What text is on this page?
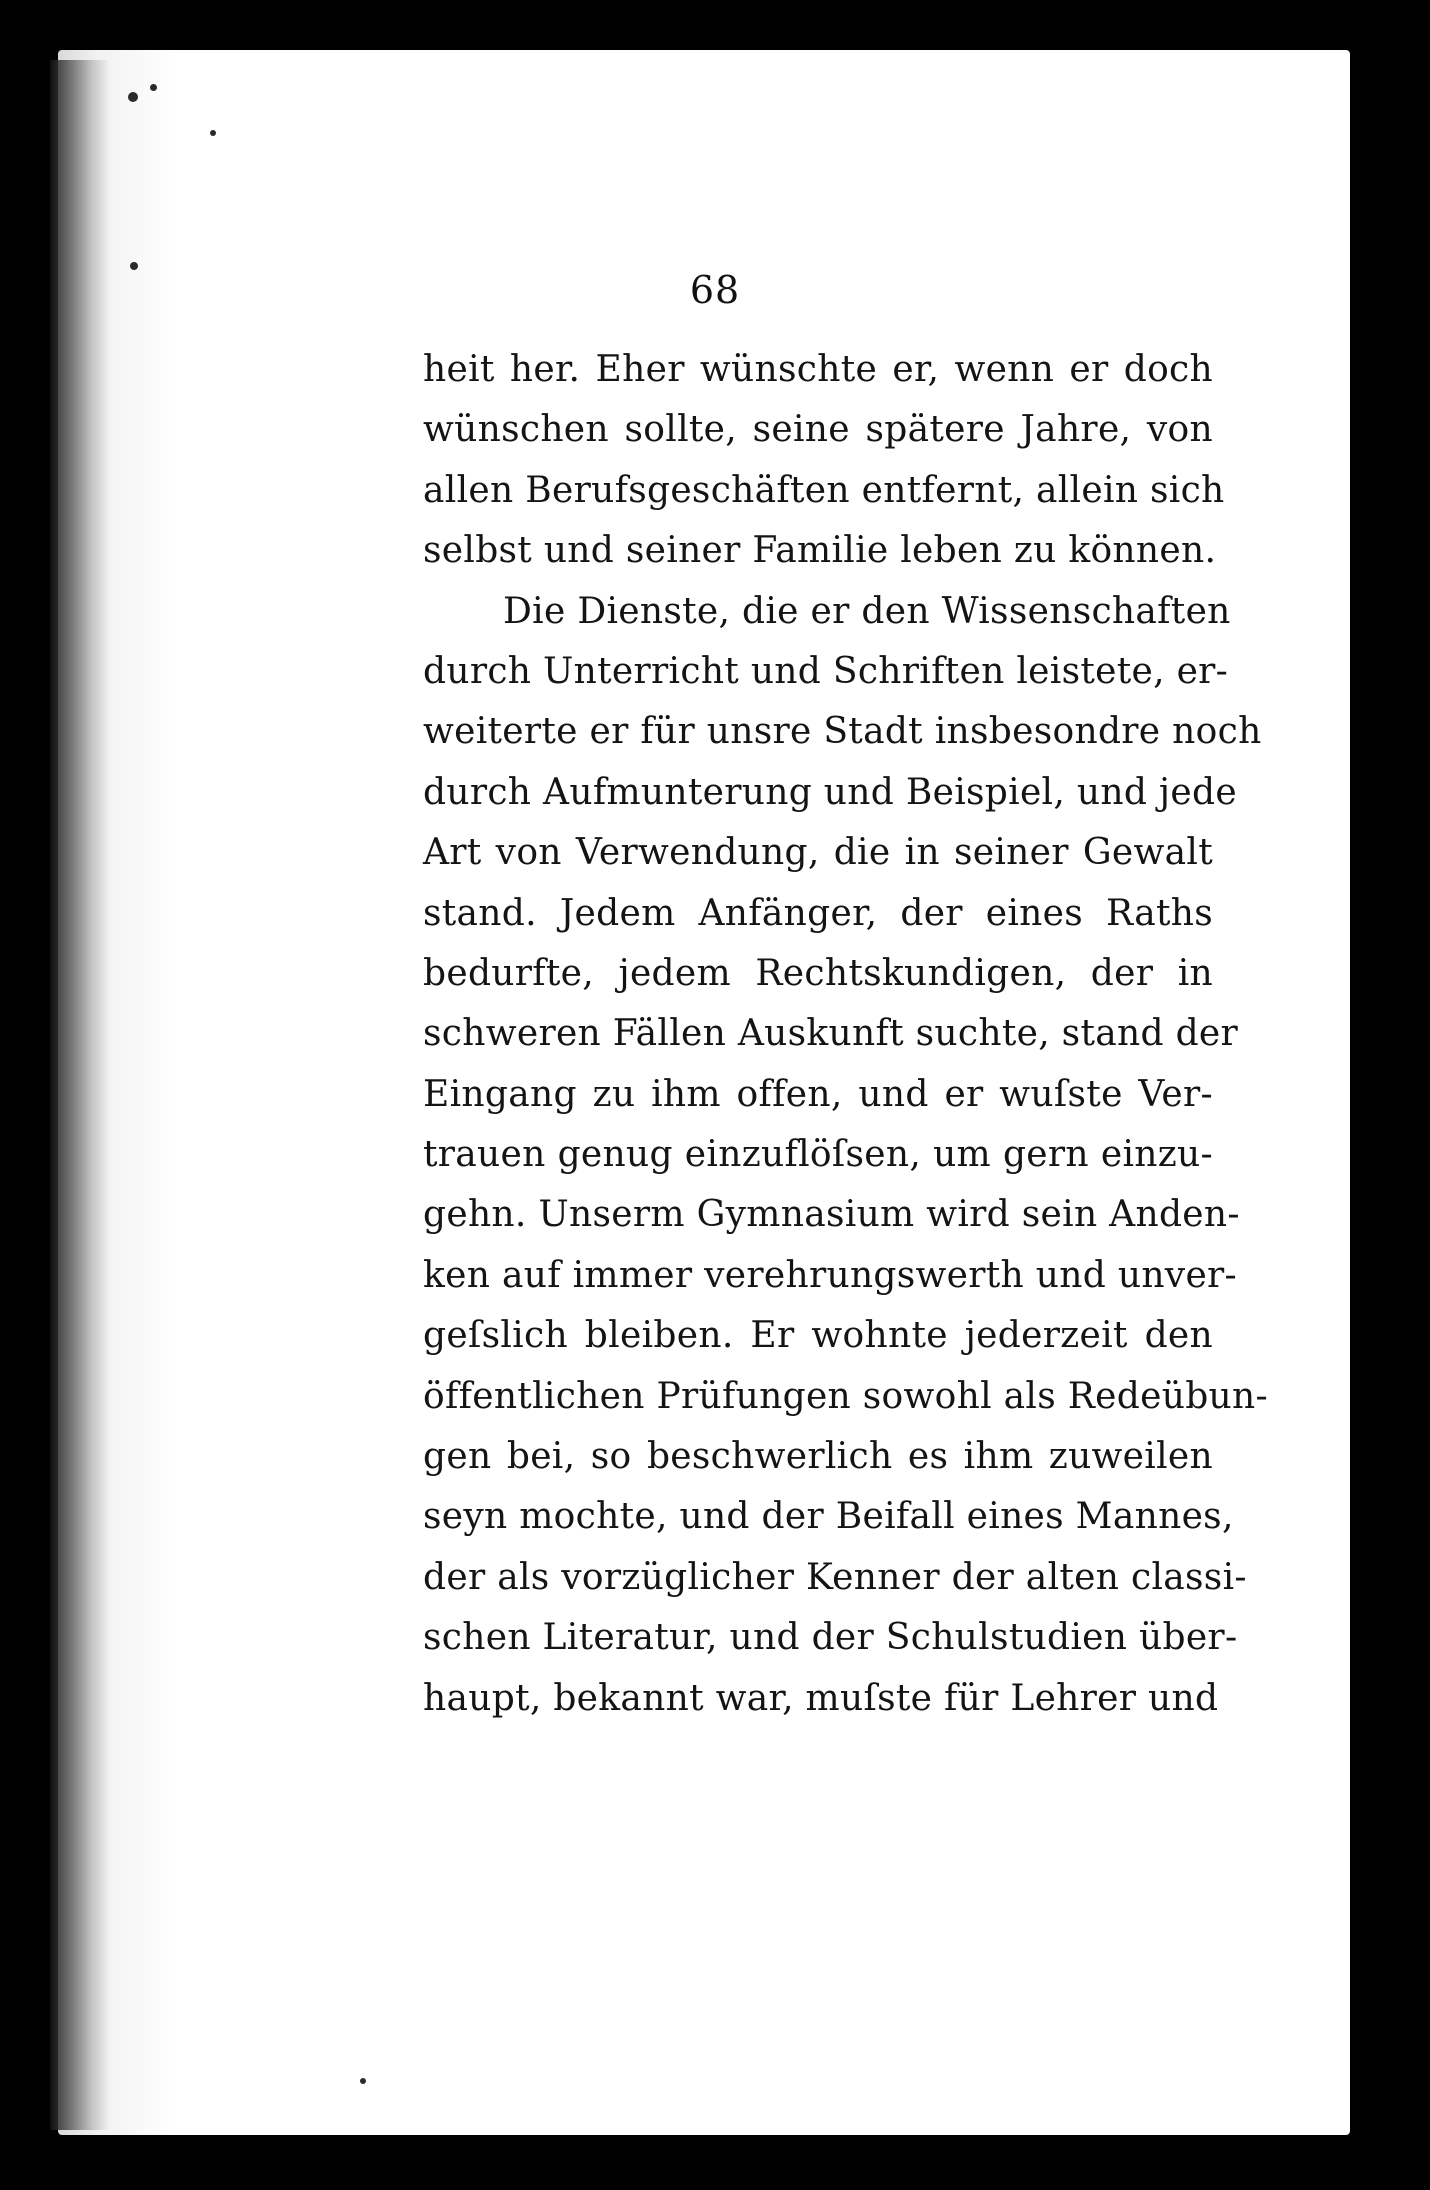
68
heit her. Eher wünschte er, wenn er doch
wünschen sollte, seine spätere Jahre, von
allen Berufsgeschäften entfernt, allein sich
selbst und seiner Familie leben zu können.
Die Dienste, die er den Wissenschaften
durch Unterricht und Schriften leistete, er-
weiterte er für unsre Stadt insbesondre noch
durch Aufmunterung und Beispiel, und jede
Art von Verwendung, die in seiner Gewalt
stand. Jedem Anfänger, der eines Raths
bedurfte, jedem Rechtskundigen, der in
schweren Fällen Auskunft suchte, stand der
Eingang zu ihm offen, und er wuſste Ver-
trauen genug einzuflöſsen, um gern einzu-
gehn. Unserm Gymnasium wird sein Anden-
ken auf immer verehrungswerth und unver-
geſslich bleiben. Er wohnte jederzeit den
öffentlichen Prüfungen sowohl als Redeübun-
gen bei, so beschwerlich es ihm zuweilen
seyn mochte, und der Beifall eines Mannes,
der als vorzüglicher Kenner der alten classi-
schen Literatur, und der Schulstudien über-
haupt, bekannt war, muſste für Lehrer und
